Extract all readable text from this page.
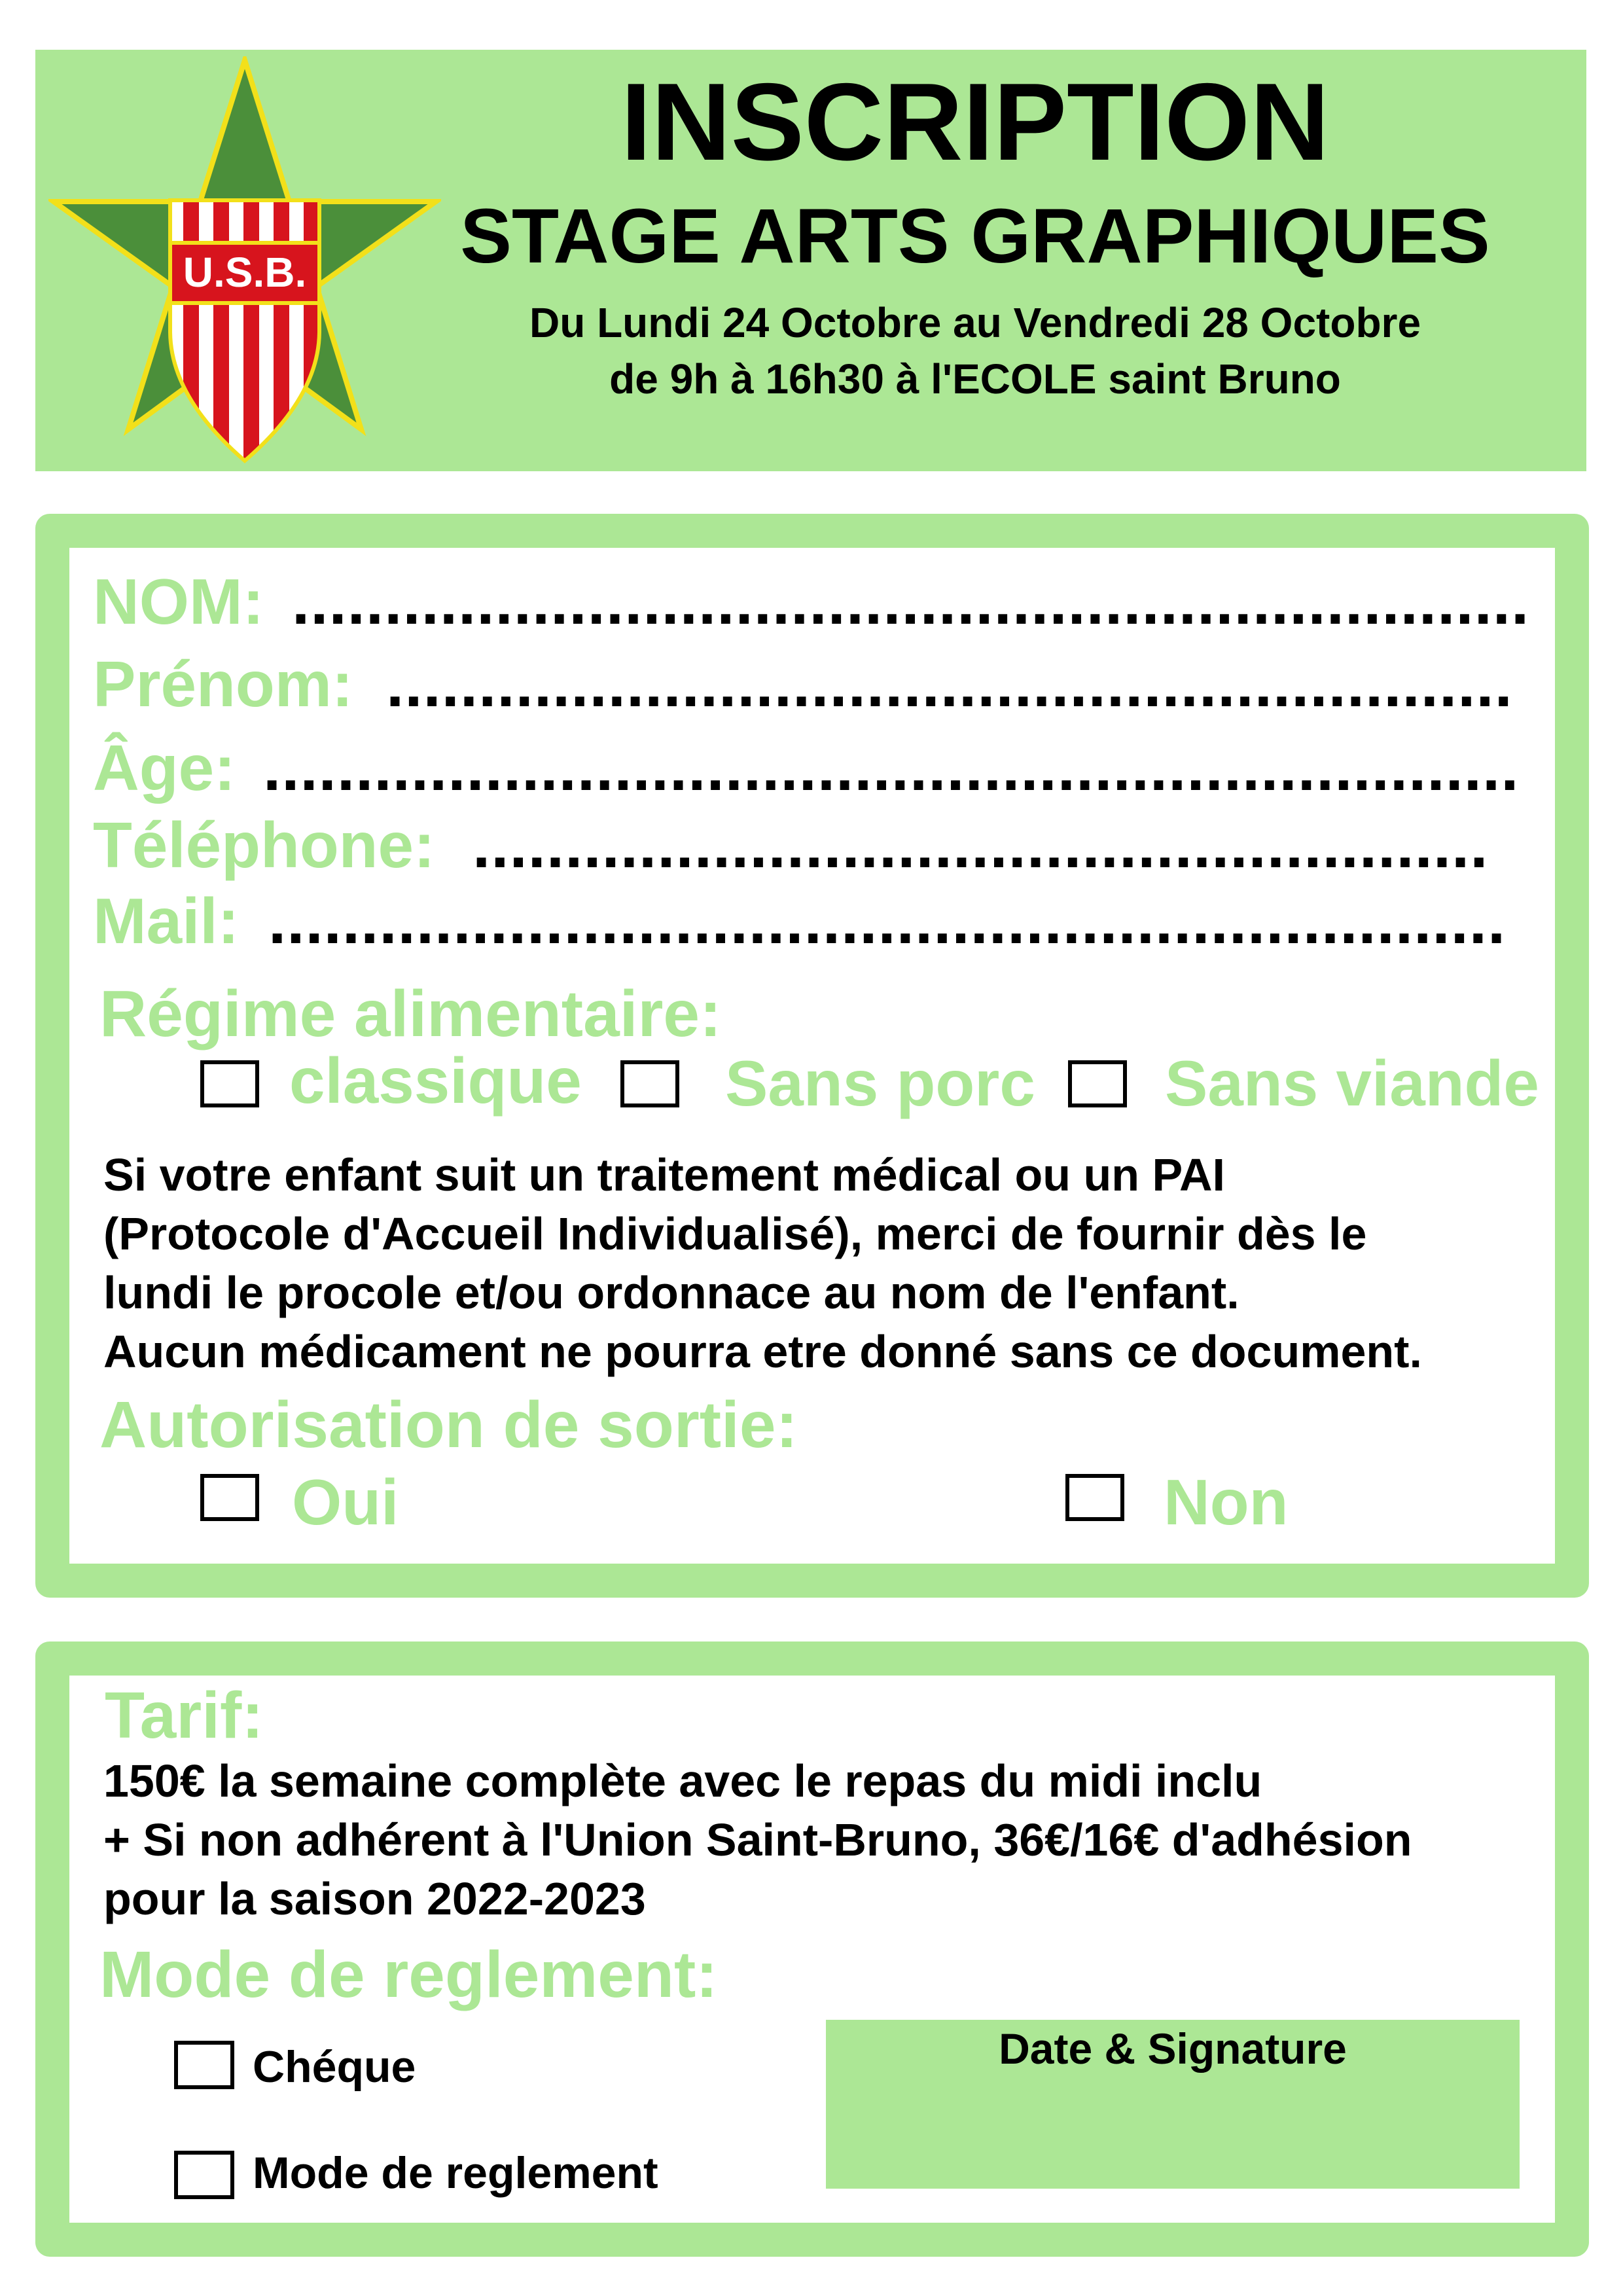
U.S.B.
INSCRIPTION
STAGE ARTS GRAPHIQUES
Du Lundi 24 Octobre au Vendredi 28 Octobre
de 9h à 16h30 à l'ECOLE saint Bruno
NOM: ...................................................................
Prénom: .............................................................
Âge: ....................................................................
Téléphone: .......................................................
Mail: ...................................................................
Régime alimentaire:
classique Sans porc Sans viande
Si votre enfant suit un traitement médical ou un PAI
(Protocole d'Accueil Individualisé), merci de fournir dès le
lundi le procole et/ou ordonnace au nom de l'enfant.
Aucun médicament ne pourra etre donné sans ce document.
Autorisation de sortie:
Oui	Non
Tarif:
150€ la semaine complète avec le repas du midi inclu
+ Si non adhérent à l'Union Saint-Bruno, 36€/16€ d'adhésion
pour la saison 2022-2023
Mode de reglement:
Chéque
Mode de reglement
Date & Signature
